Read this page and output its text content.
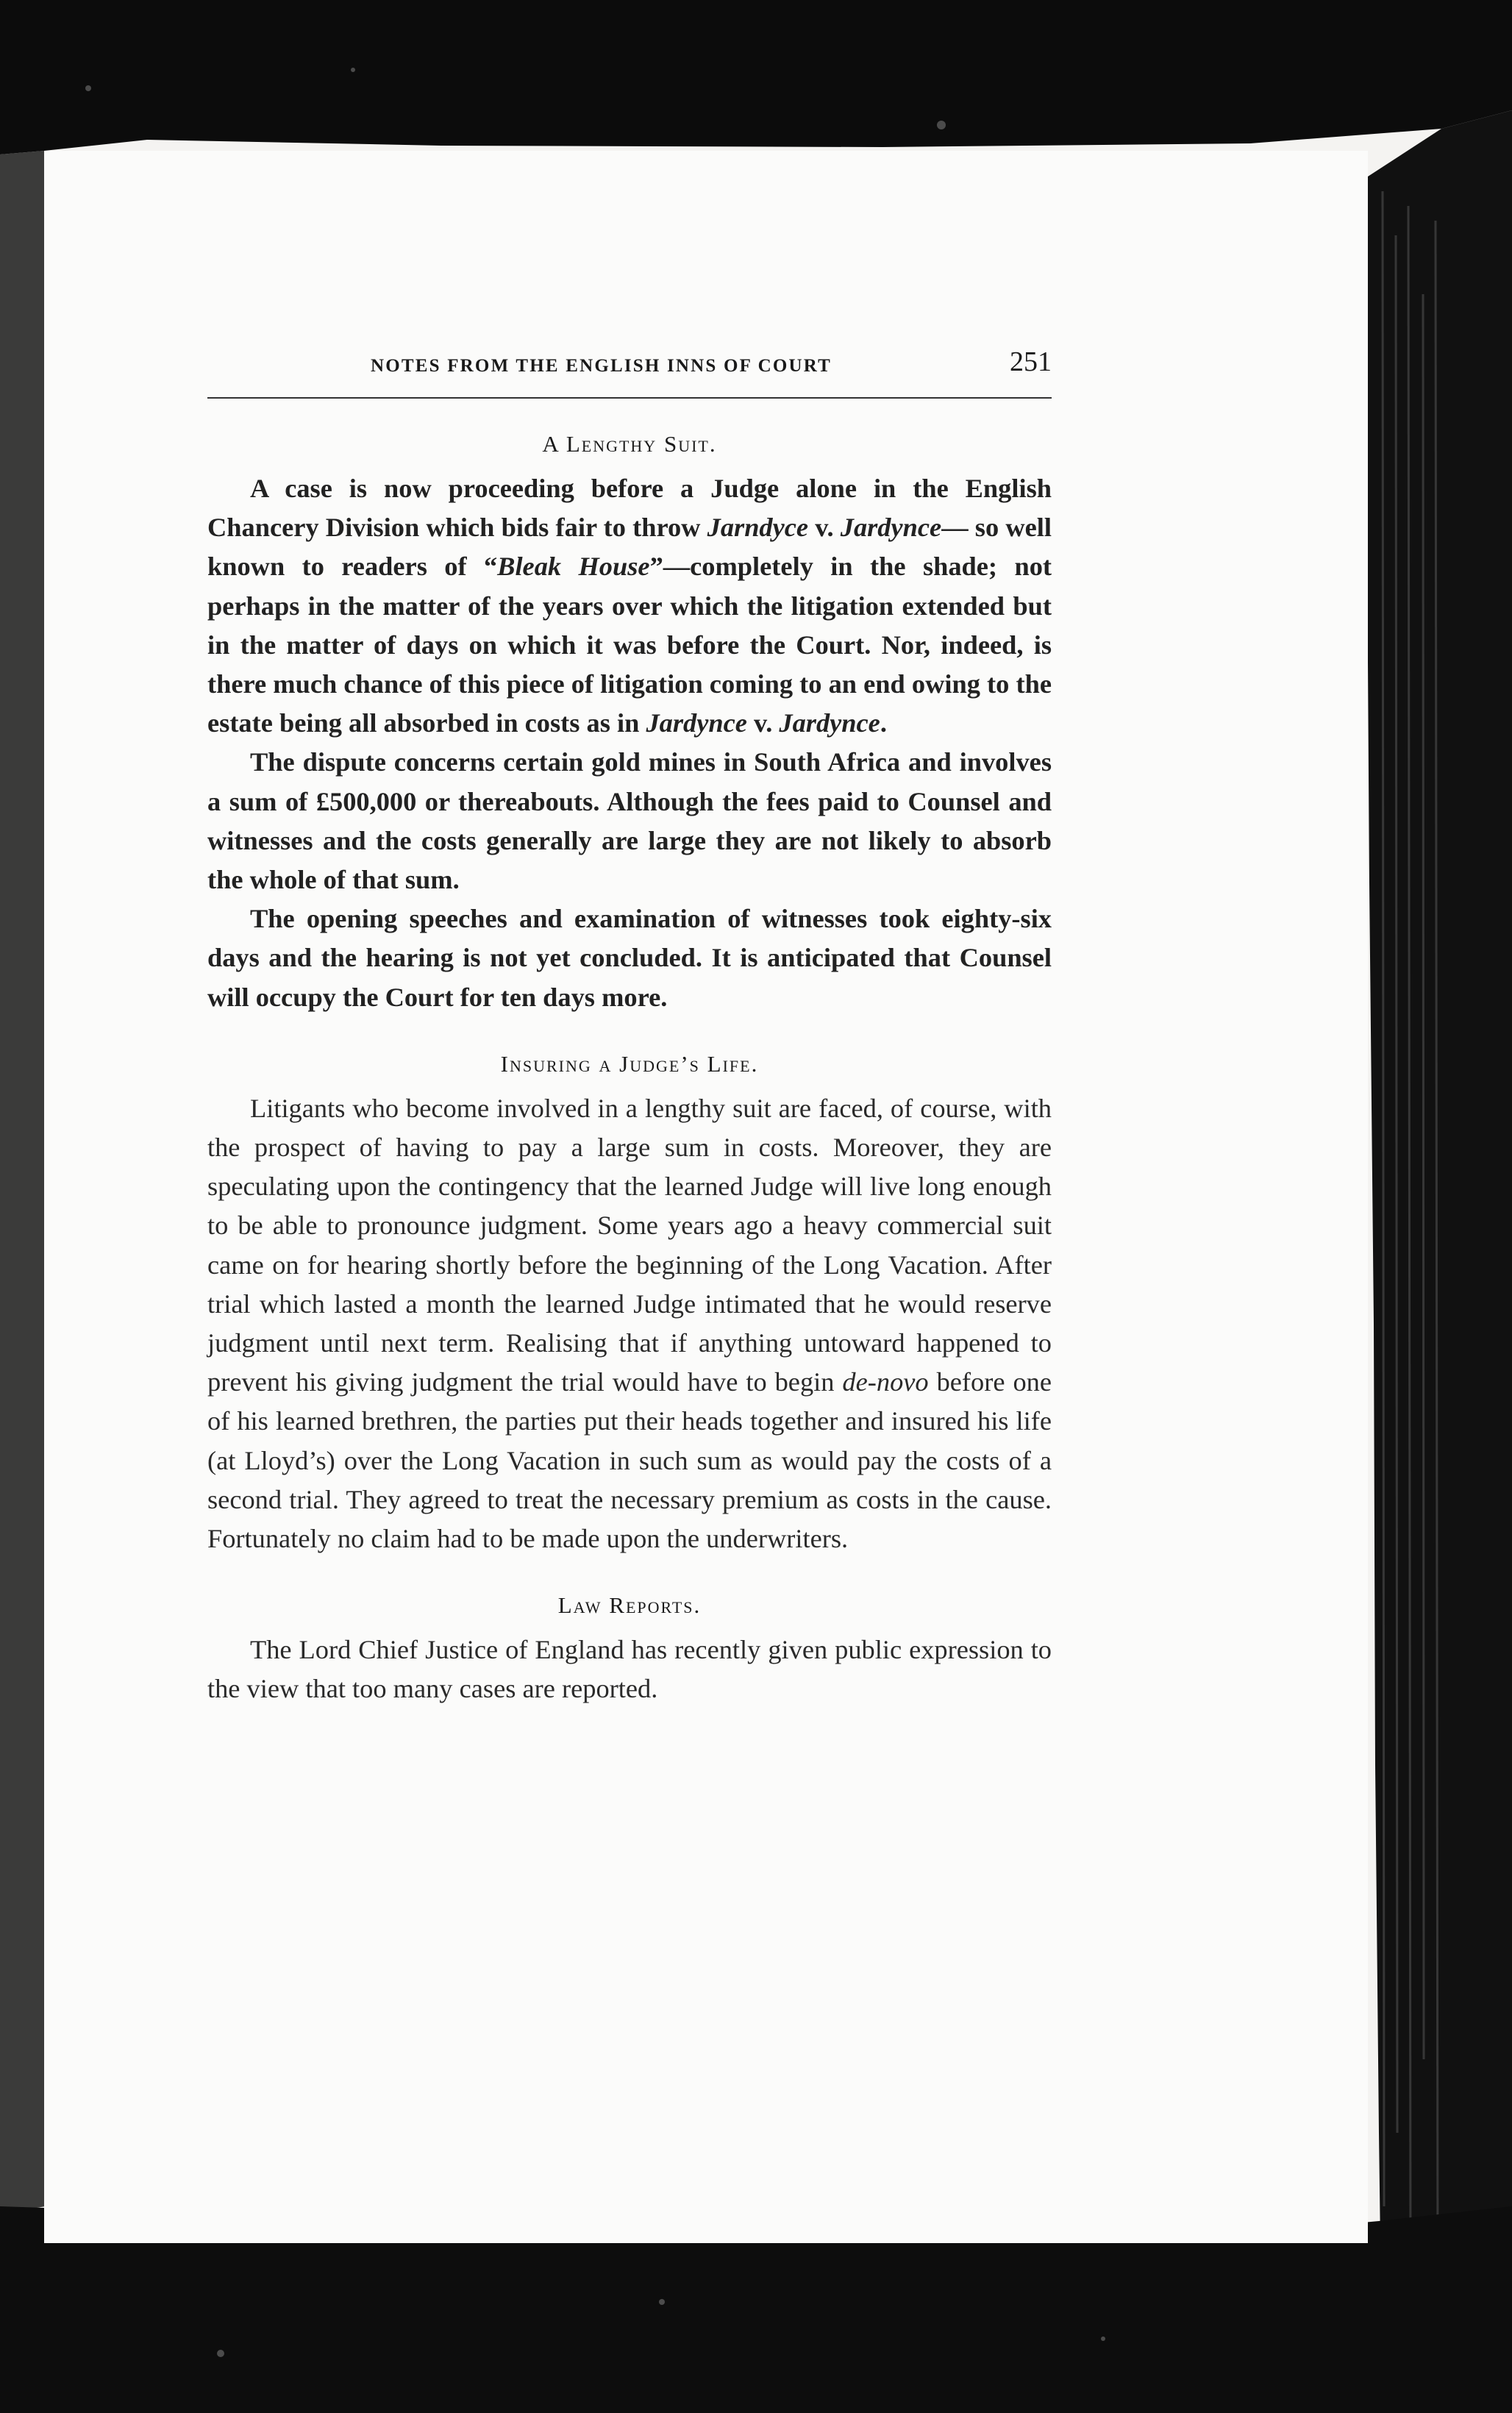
NOTES FROM THE ENGLISH INNS OF COURT	251
A Lengthy Suit.

A case is now proceeding before a Judge alone in the English Chancery Division which bids fair to throw Jarndyce v. Jardynce— so well known to readers of “Bleak House”—completely in the shade; not perhaps in the matter of the years over which the litigation extended but in the matter of days on which it was before the Court. Nor, indeed, is there much chance of this piece of litigation coming to an end owing to the estate being all absorbed in costs as in Jardynce v. Jardynce.

The dispute concerns certain gold mines in South Africa and involves a sum of £500,000 or thereabouts. Although the fees paid to Counsel and witnesses and the costs generally are large they are not likely to absorb the whole of that sum.

The opening speeches and examination of witnesses took eighty-six days and the hearing is not yet concluded. It is anticipated that Counsel will occupy the Court for ten days more.

Insuring a Judge’s Life.

Litigants who become involved in a lengthy suit are faced, of course, with the prospect of having to pay a large sum in costs. Moreover, they are speculating upon the contingency that the learned Judge will live long enough to be able to pronounce judgment. Some years ago a heavy commercial suit came on for hearing shortly before the beginning of the Long Vacation. After trial which lasted a month the learned Judge intimated that he would reserve judgment until next term. Realising that if anything untoward happened to prevent his giving judgment the trial would have to begin de-novo before one of his learned brethren, the parties put their heads together and insured his life (at Lloyd’s) over the Long Vacation in such sum as would pay the costs of a second trial. They agreed to treat the necessary premium as costs in the cause. Fortunately no claim had to be made upon the underwriters.

Law Reports.

The Lord Chief Justice of England has recently given public expression to the view that too many cases are reported.
